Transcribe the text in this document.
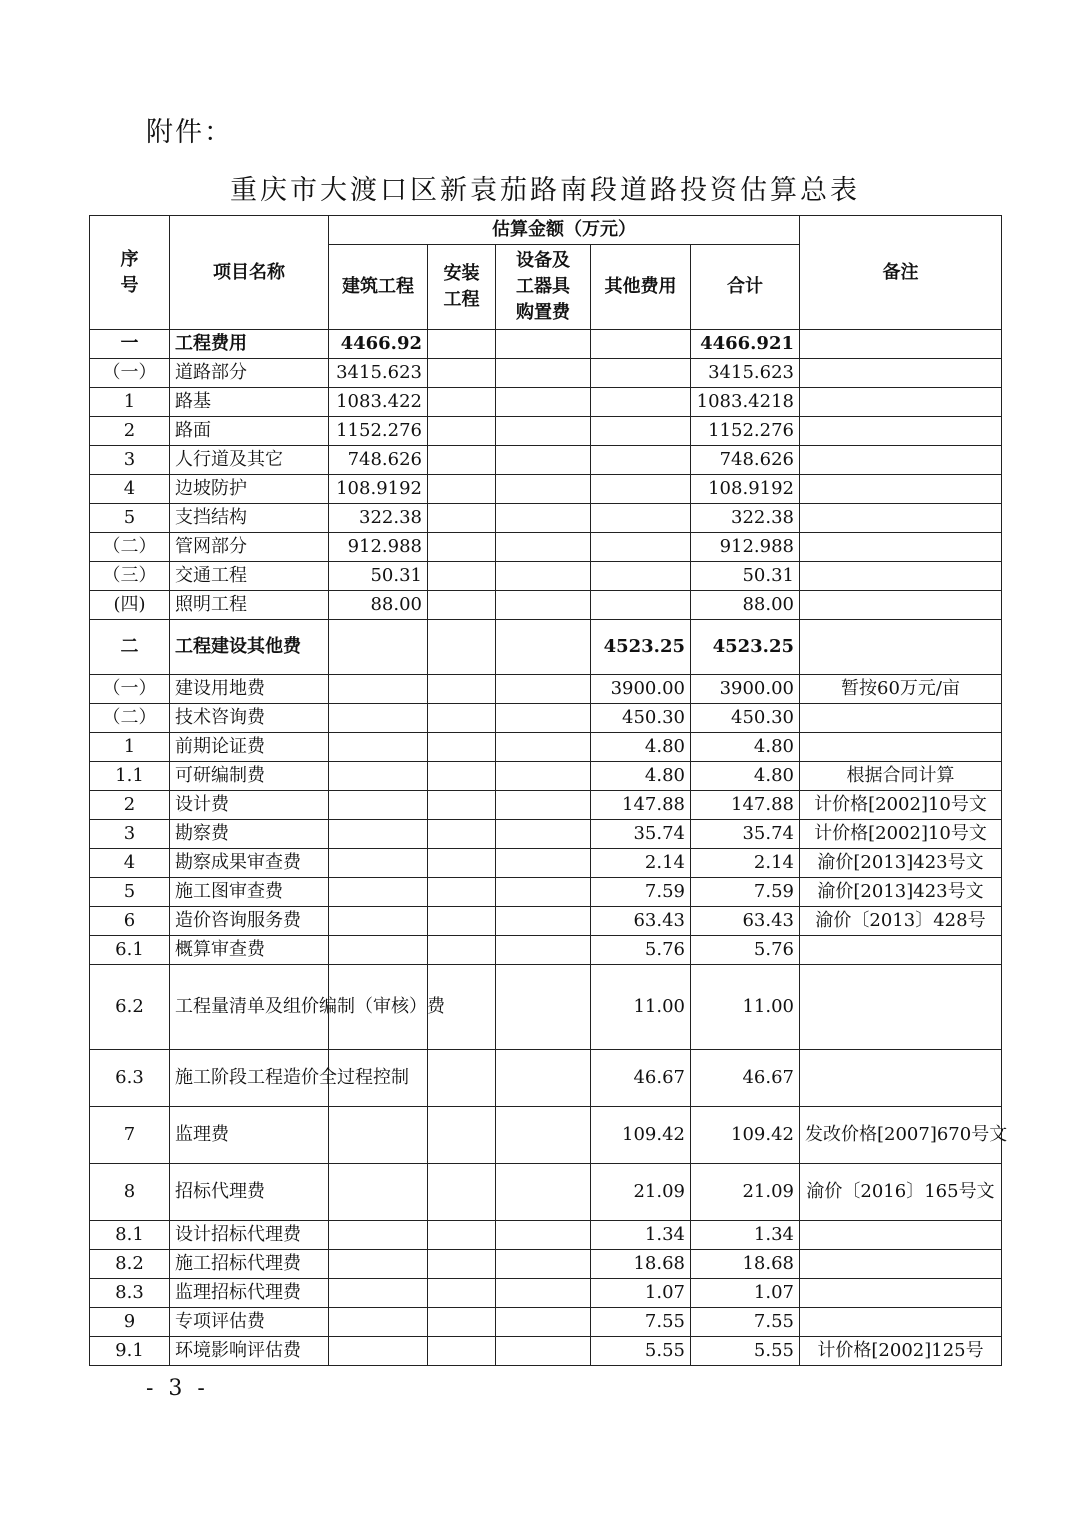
附件：
重庆市大渡口区新袁茄路南段道路投资估算总表
序号	项目名称	估算金额（万元）					备注
		建筑工程	安装工程	设备及工器具购置费	其他费用	合计	
一	工程费用	4466.92				4466.921	
（一）	道路部分	3415.623				3415.623	
1	路基	1083.422				1083.4218	
2	路面	1152.276				1152.276	
3	人行道及其它	748.626				748.626	
4	边坡防护	108.9192				108.9192	
5	支挡结构	322.38				322.38	
（二）	管网部分	912.988				912.988	
（三）	交通工程	50.31				50.31	
(四)	照明工程	88.00				88.00	
二	工程建设其他费				4523.25	4523.25	
（一）	建设用地费				3900.00	3900.00	暂按60万元/亩
（二）	技术咨询费				450.30	450.30	
1	前期论证费				4.80	4.80	
1.1	可研编制费				4.80	4.80	根据合同计算
2	设计费				147.88	147.88	计价格[2002]10号文
3	勘察费				35.74	35.74	计价格[2002]10号文
4	勘察成果审查费				2.14	2.14	渝价[2013]423号文
5	施工图审查费				7.59	7.59	渝价[2013]423号文
6	造价咨询服务费				63.43	63.43	渝价〔2013〕428号
6.1	概算审查费				5.76	5.76	
6.2	工程量清单及组价编制（审核）费				11.00	11.00	
6.3	施工阶段工程造价全过程控制				46.67	46.67	
7	监理费				109.42	109.42	发改价格[2007]670号文
8	招标代理费				21.09	21.09	渝价〔2016〕165号文
8.1	设计招标代理费				1.34	1.34	
8.2	施工招标代理费				18.68	18.68	
8.3	监理招标代理费				1.07	1.07	
9	专项评估费				7.55	7.55	
9.1	环境影响评估费				5.55	5.55	计价格[2002]125号
- 3 -
